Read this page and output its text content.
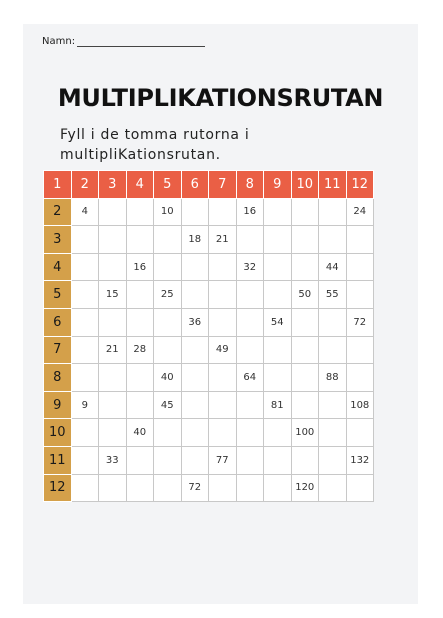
Namn:
MULTIPLIKATIONSRUTAN
Fyll i de tomma rutorna i multipliKationsrutan.
1	2	3	4	5	6	7	8	9	10	11	12
2	4			10			16				24
3					18	21					
4			16				32			44	
5		15		25					50	55	
6					36			54			72
7		21	28			49					
8				40			64			88	
9	9			45				81			108
10			40						100		
11		33				77					132
12					72				120		
